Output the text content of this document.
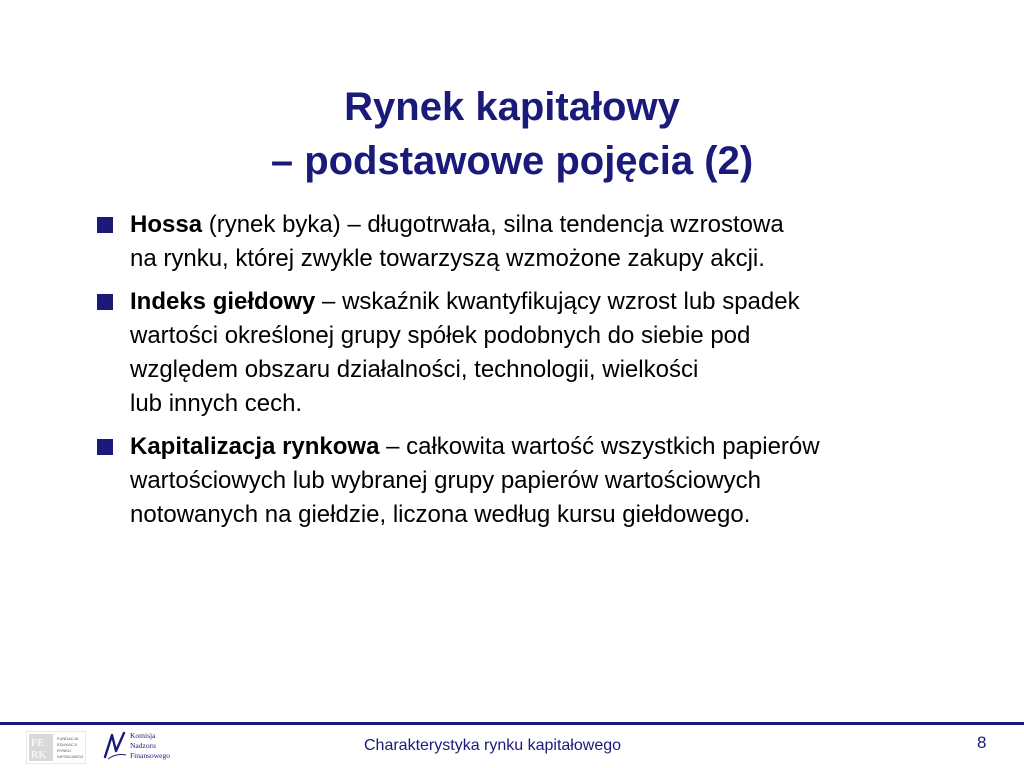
Rynek kapitałowy
– podstawowe pojęcia (2)
Hossa (rynek byka) – długotrwała, silna tendencja wzrostowa
na rynku, której zwykle towarzyszą wzmożone zakupy akcji.
Indeks giełdowy – wskaźnik kwantyfikujący wzrost lub spadek
wartości określonej grupy spółek podobnych do siebie pod
względem obszaru działalności, technologii, wielkości
lub innych cech.
Kapitalizacja rynkowa – całkowita wartość wszystkich papierów
wartościowych lub wybranej grupy papierów wartościowych
notowanych na giełdzie, liczona według kursu giełdowego.
FE
RK
FUNDACJA
EDUKACJI
RYNKU
KAPITAŁOWEGO
Komisja
Nadzoru
Finansowego
Charakterystyka rynku kapitałowego	8
